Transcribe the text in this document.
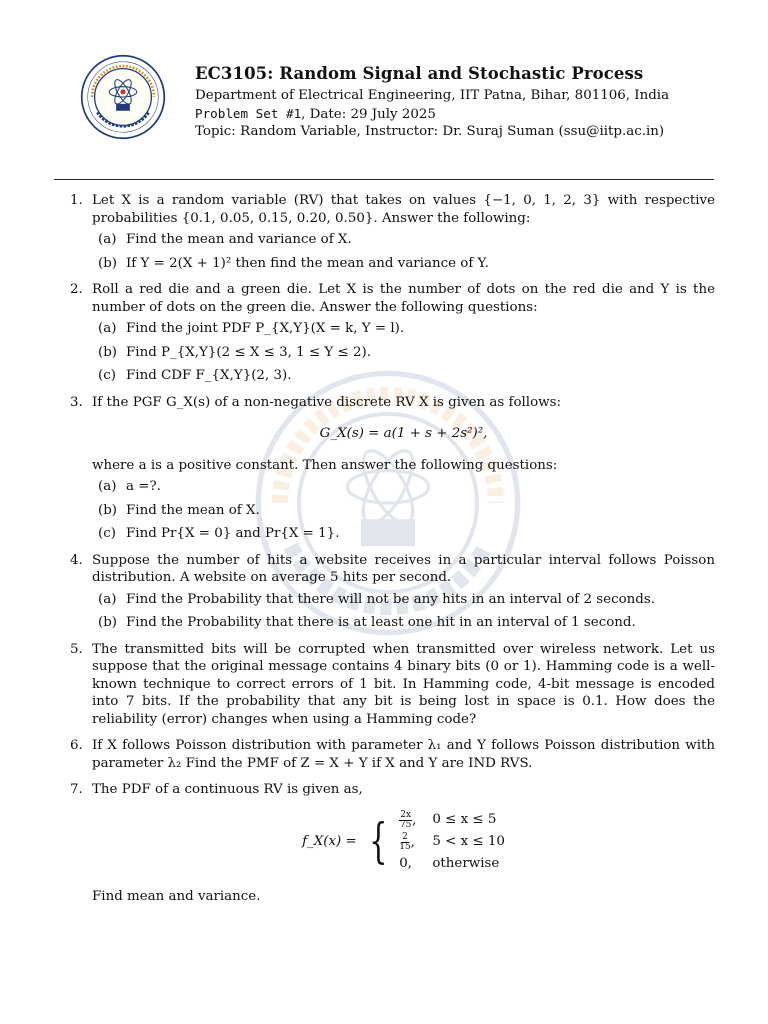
EC3105: Random Signal and Stochastic Process
Department of Electrical Engineering, IIT Patna, Bihar, 801106, India
Problem Set #1, Date: 29 July 2025
Topic: Random Variable, Instructor: Dr. Suraj Suman (ssu@iitp.ac.in)
1. Let X is a random variable (RV) that takes on values {−1, 0, 1, 2, 3} with respective probabilities {0.1, 0.05, 0.15, 0.20, 0.50}. Answer the following:
(a) Find the mean and variance of X.
(b) If Y = 2(X + 1)² then find the mean and variance of Y.
2. Roll a red die and a green die. Let X is the number of dots on the red die and Y is the number of dots on the green die. Answer the following questions:
(a) Find the joint PDF P_{X,Y}(X = k, Y = l).
(b) Find P_{X,Y}(2 ≤ X ≤ 3, 1 ≤ Y ≤ 2).
(c) Find CDF F_{X,Y}(2, 3).
3. If the PGF G_X(s) of a non-negative discrete RV X is given as follows:
G_X(s) = a(1 + s + 2s²)²,
where a is a positive constant. Then answer the following questions:
(a) a =?.
(b) Find the mean of X.
(c) Find Pr{X = 0} and Pr{X = 1}.
4. Suppose the number of hits a website receives in a particular interval follows Poisson distribution. A website on average 5 hits per second.
(a) Find the Probability that there will not be any hits in an interval of 2 seconds.
(b) Find the Probability that there is at least one hit in an interval of 1 second.
5. The transmitted bits will be corrupted when transmitted over wireless network. Let us suppose that the original message contains 4 binary bits (0 or 1). Hamming code is a well-known technique to correct errors of 1 bit. In Hamming code, 4-bit message is encoded into 7 bits. If the probability that any bit is being lost in space is 0.1. How does the reliability (error) changes when using a Hamming code?
6. If X follows Poisson distribution with parameter λ₁ and Y follows Poisson distribution with parameter λ₂ Find the PMF of Z = X + Y if X and Y are IND RVS.
7. The PDF of a continuous RV is given as,
f_X(x) = { $\frac{2x}{75}$ , 0 ≤ x ≤ 5
$\frac{2}{15}$ , 5 < x ≤ 10
0,	otherwise
Find mean and variance.
